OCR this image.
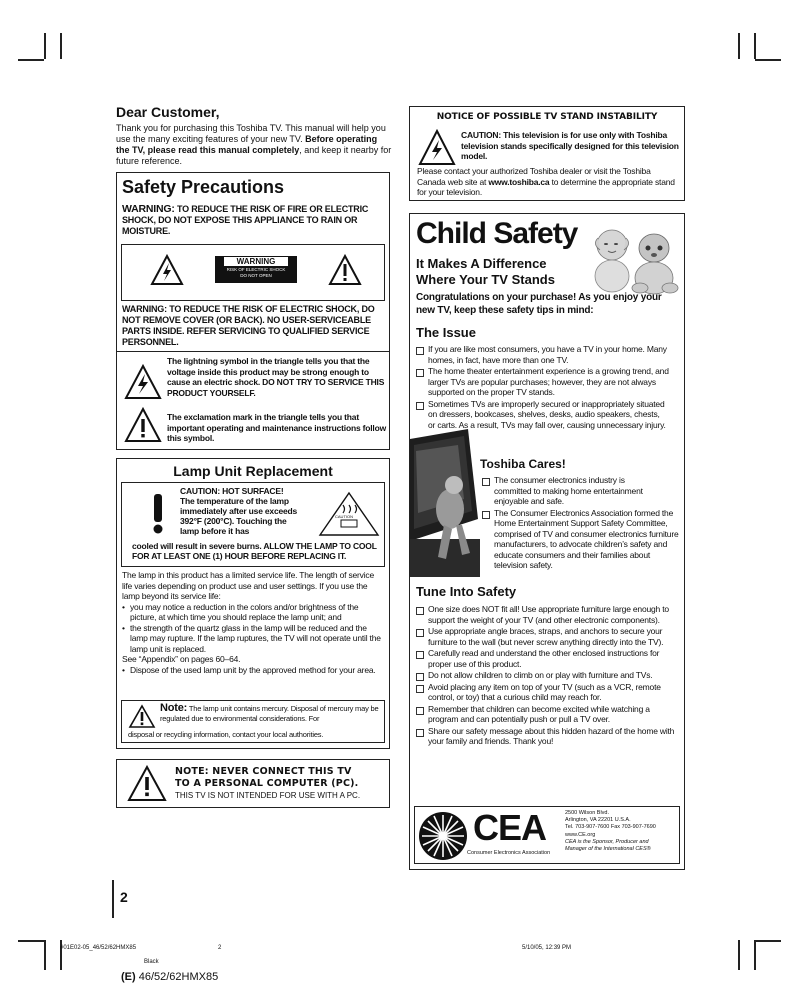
Dear Customer,

Thank you for purchasing this Toshiba TV. This manual will help you use the many exciting features of your new TV. Before operating the TV, please read this manual completely, and keep it nearby for future reference.

Safety Precautions

WARNING: TO REDUCE THE RISK OF FIRE OR ELECTRIC SHOCK, DO NOT EXPOSE THIS APPLIANCE TO RAIN OR MOISTURE.

WARNING
RISK OF ELECTRIC SHOCK
DO NOT OPEN

WARNING: TO REDUCE THE RISK OF ELECTRIC SHOCK, DO NOT REMOVE COVER (OR BACK). NO USER-SERVICEABLE PARTS INSIDE. REFER SERVICING TO QUALIFIED SERVICE PERSONNEL.

The lightning symbol in the triangle tells you that the voltage inside this product may be strong enough to cause an electric shock. DO NOT TRY TO SERVICE THIS PRODUCT YOURSELF.

The exclamation mark in the triangle tells you that important operating and maintenance instructions follow this symbol.

Lamp Unit Replacement
CAUTION: HOT SURFACE!
The temperature of the lamp immediately after use exceeds 392°F (200°C). Touching the lamp before it has
CAUTION
cooled will result in severe burns. ALLOW THE LAMP TO COOL FOR AT LEAST ONE (1) HOUR BEFORE REPLACING IT.

The lamp in this product has a limited service life. The length of service life varies depending on product use and user settings. If you use the lamp beyond its service life:

• you may notice a reduction in the colors and/or brightness of the picture, at which time you should replace the lamp unit; and

• the strength of the quartz glass in the lamp will be reduced and the lamp may rupture. If the lamp ruptures, the TV will not operate until the lamp unit is replaced.

See “Appendix” on pages 60–64.

• Dispose of the used lamp unit by the approved method for your area.

Note: The lamp unit contains mercury. Disposal of mercury may be regulated due to environmental considerations. For

disposal or recycling information, contact your local authorities.

NOTE: NEVER CONNECT THIS TV
TO A PERSONAL COMPUTER (PC).
THIS TV IS NOT INTENDED FOR USE WITH A PC.
NOTICE OF POSSIBLE TV STAND INSTABILITY

CAUTION: This television is for use only with Toshiba television stands specifically designed for this television model.

Please contact your authorized Toshiba dealer or visit the Toshiba Canada web site at www.toshiba.ca to determine the appropriate stand for your television.

Child Safety
It Makes A Difference
Where Your TV Stands

Congratulations on your purchase! As you enjoy your new TV, keep these safety tips in mind:

The Issue

If you are like most consumers, you have a TV in your home. Many homes, in fact, have more than one TV.

The home theater entertainment experience is a growing trend, and larger TVs are popular purchases; however, they are not always supported on the proper TV stands.

Sometimes TVs are improperly secured or inappropriately situated on dressers, bookcases, shelves, desks, audio speakers, chests, or carts. As a result, TVs may fall over, causing unnecessary injury.

Toshiba Cares!

The consumer electronics industry is committed to making home entertainment enjoyable and safe.

The Consumer Electronics Association formed the Home Entertainment Support Safety Committee, comprised of TV and consumer electronics furniture manufacturers, to advocate children’s safety and educate consumers and their families about television safety.

Tune Into Safety

One size does NOT fit all! Use appropriate furniture large enough to support the weight of your TV (and other electronic components).

Use appropriate angle braces, straps, and anchors to secure your furniture to the wall (but never screw anything directly into the TV).

Carefully read and understand the other enclosed instructions for proper use of this product.

Do not allow children to climb on or play with furniture and TVs.

Avoid placing any item on top of your TV (such as a VCR, remote control, or toy) that a curious child may reach for.

Remember that children can become excited while watching a program and can potentially push or pull a TV over.

Share our safety message about this hidden hazard of the home with your family and friends. Thank you!

CEA
Consumer Electronics Association
2500 Wilson Blvd.
Arlington, VA 22201 U.S.A.
Tel. 703-907-7600 Fax 703-907-7690
www.CE.org
CEA is the Sponsor, Producer and
Manager of the International CES®
2
#01E02-05_46/52/62HMX85	2	5/10/05, 12:39 PM
Black
(E) 46/52/62HMX85
